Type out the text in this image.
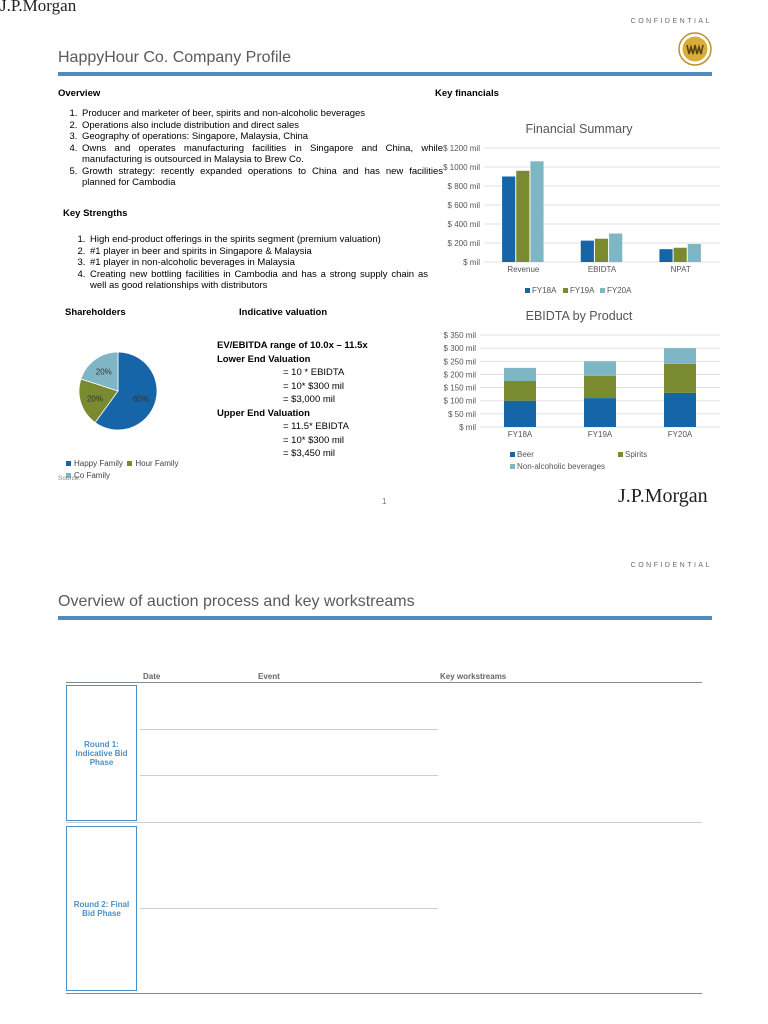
J.P.Morgan
CONFIDENTIAL
HappyHour Co. Company Profile
Overview
1. Producer and marketer of beer, spirits and non-alcoholic beverages
2. Operations also include distribution and direct sales
3. Geography of operations: Singapore, Malaysia, China
4. Owns and operates manufacturing facilities in Singapore and China, while manufacturing is outsourced in Malaysia to Brew Co.
5. Growth strategy: recently expanded operations to China and has new facilities planned for Cambodia
Key Strengths
1. High end-product offerings in the spirits segment (premium valuation)
2. #1 player in beer and spirits in Singapore & Malaysia
3. #1 player in non-alcoholic beverages in Malaysia
4. Creating new bottling facilities in Cambodia and has a strong supply chain as well as good relationships with distributors
Shareholders
60%
20%
20%
Happy Family Hour Family
Co Family
Source:
Indicative valuation
EV/EBITDA range of 10.0x – 11.5x
Lower End Valuation
= 10 * EBIDTA
= 10* $300 mil
= $3,000 mil
Upper End Valuation
= 11.5* EBIDTA
= 10* $300 mil
= $3,450 mil
Key financials
Financial Summary
$ mil
$ 200 mil
$ 400 mil
$ 600 mil
$ 800 mil
$ 1000 mil
$ 1200 mil
Revenue	EBIDTA	NPAT
FY18A FY19A FY20A
EBIDTA by Product
$ mil
$ 50 mil
$ 100 mil
$ 150 mil
$ 200 mil
$ 250 mil
$ 300 mil
$ 350 mil
FY18A	FY19A	FY20A
Beer	Spirits
Non-alcoholic beverages
1	J.P.Morgan
CONFIDENTIAL
Overview of auction process and key workstreams
Date	Event	Key workstreams
Round 1: Indicative Bid Phase
Round 2: Final Bid Phase
